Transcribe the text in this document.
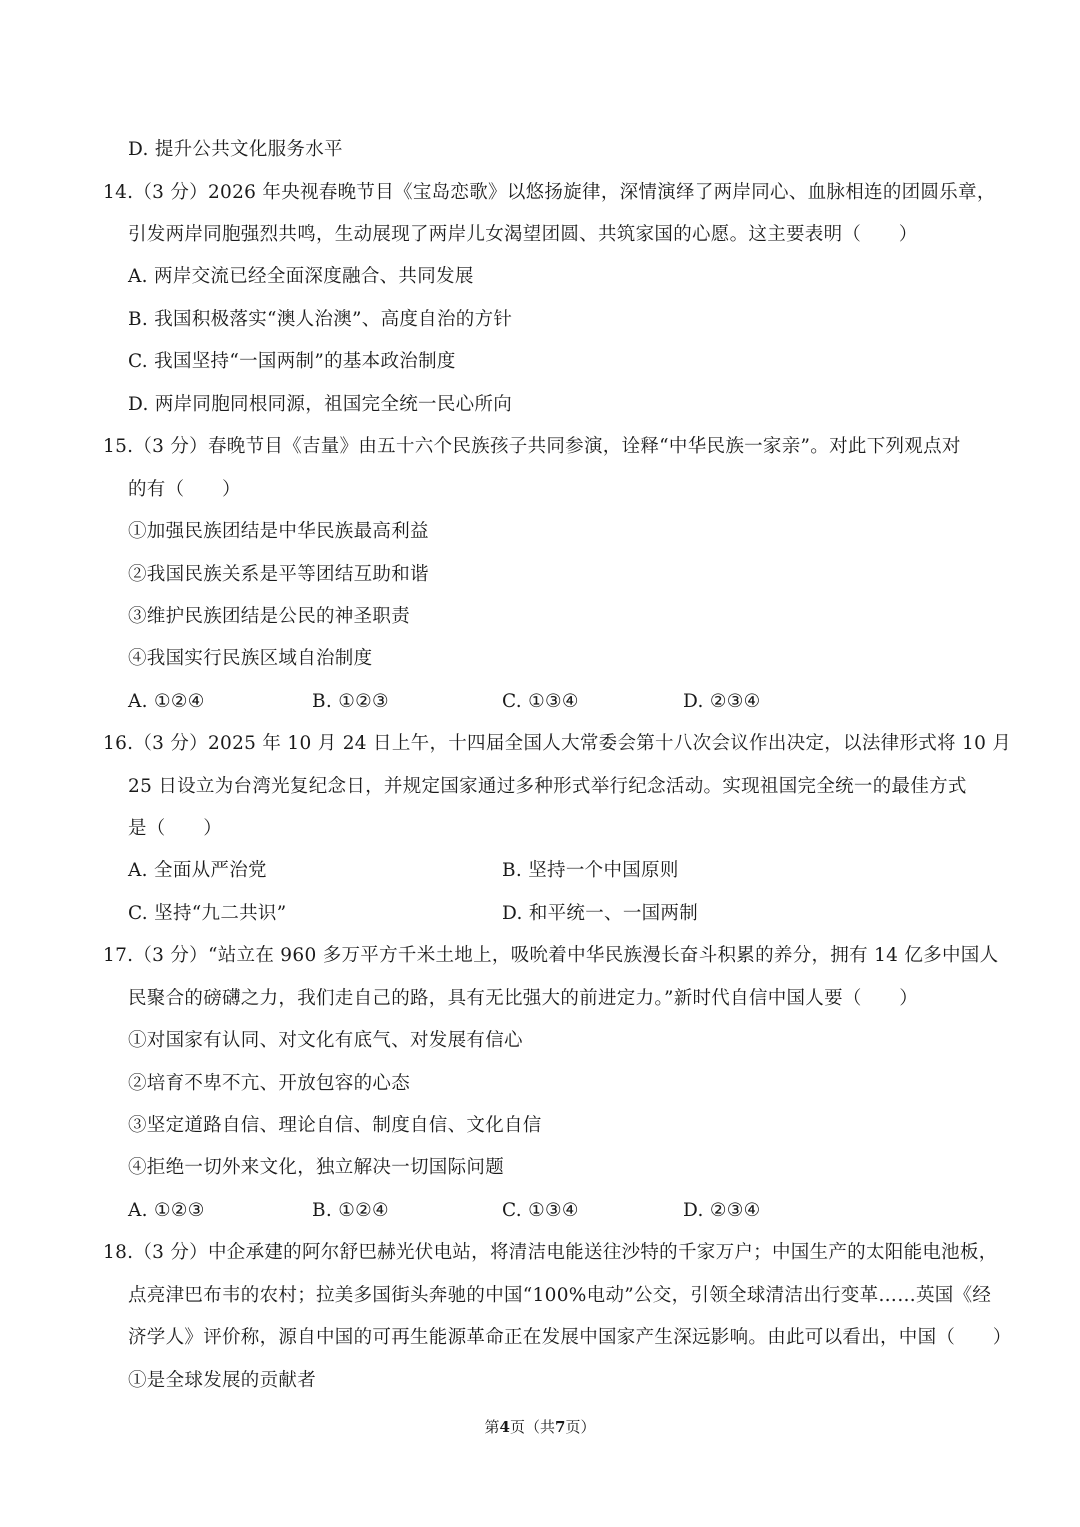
D. 提升公共文化服务水平
14.（3 分）2026 年央视春晚节目《宝岛恋歌》以悠扬旋律，深情演绎了两岸同心、血脉相连的团圆乐章，
引发两岸同胞强烈共鸣，生动展现了两岸儿女渴望团圆、共筑家国的心愿。这主要表明（　　）
A. 两岸交流已经全面深度融合、共同发展
B. 我国积极落实“澳人治澳”、高度自治的方针
C. 我国坚持“一国两制”的基本政治制度
D. 两岸同胞同根同源，祖国完全统一民心所向
15.（3 分）春晚节目《吉量》由五十六个民族孩子共同参演，诠释“中华民族一家亲”。对此下列观点对
的有（　　）
①加强民族团结是中华民族最高利益
②我国民族关系是平等团结互助和谐
③维护民族团结是公民的神圣职责
④我国实行民族区域自治制度
A. ①②④	B. ①②③	C. ①③④	D. ②③④
16.（3 分）2025 年 10 月 24 日上午，十四届全国人大常委会第十八次会议作出决定，以法律形式将 10 月
25 日设立为台湾光复纪念日，并规定国家通过多种形式举行纪念活动。实现祖国完全统一的最佳方式
是（　　）
A. 全面从严治党	B. 坚持一个中国原则
C. 坚持“九二共识”	D. 和平统一、一国两制
17.（3 分）“站立在 960 多万平方千米土地上，吸吮着中华民族漫长奋斗积累的养分，拥有 14 亿多中国人
民聚合的磅礴之力，我们走自己的路，具有无比强大的前进定力。”新时代自信中国人要（　　）
①对国家有认同、对文化有底气、对发展有信心
②培育不卑不亢、开放包容的心态
③坚定道路自信、理论自信、制度自信、文化自信
④拒绝一切外来文化，独立解决一切国际问题
A. ①②③	B. ①②④	C. ①③④	D. ②③④
18.（3 分）中企承建的阿尔舒巴赫光伏电站，将清洁电能送往沙特的千家万户；中国生产的太阳能电池板，
点亮津巴布韦的农村；拉美多国街头奔驰的中国“100%电动”公交，引领全球清洁出行变革……英国《经
济学人》评价称，源自中国的可再生能源革命正在发展中国家产生深远影响。由此可以看出，中国（　　）
①是全球发展的贡献者
第4页（共7页）
